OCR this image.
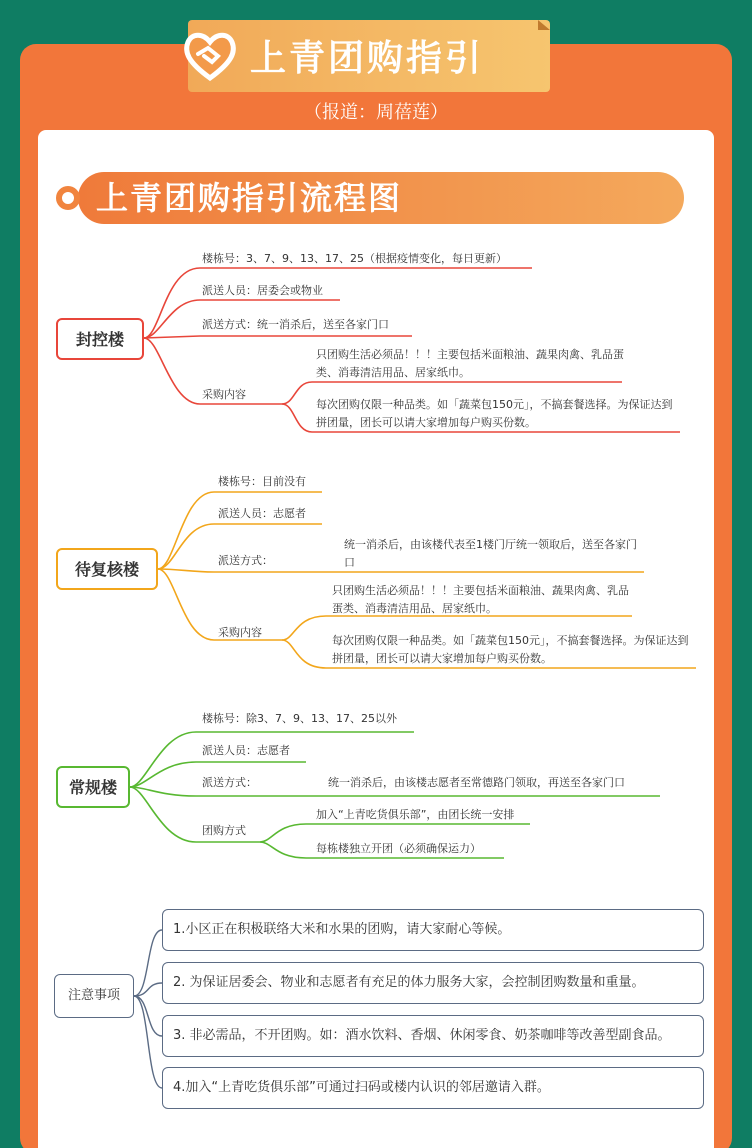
上青团购指引
（报道：周蓓莲）
上青团购指引流程图
封控楼
待复核楼
常规楼
楼栋号：3、7、9、13、17、25（根据疫情变化，每日更新）
派送人员：居委会或物业
派送方式：统一消杀后，送至各家门口
采购内容
只团购生活必须品！！！主要包括米面粮油、蔬果肉禽、乳品蛋类、消毒清洁用品、居家纸巾。
每次团购仅限一种品类。如「蔬菜包150元」，不搞套餐选择。为保证达到拼团量，团长可以请大家增加每户购买份数。
楼栋号：目前没有
派送人员：志愿者
派送方式：
统一消杀后，由该楼代表至1楼门厅统一领取后，送至各家门口
采购内容
只团购生活必须品！！！主要包括米面粮油、蔬果肉禽、乳品蛋类、消毒清洁用品、居家纸巾。
每次团购仅限一种品类。如「蔬菜包150元」，不搞套餐选择。为保证达到拼团量，团长可以请大家增加每户购买份数。
楼栋号：除3、7、9、13、17、25以外
派送人员：志愿者
派送方式：	统一消杀后，由该楼志愿者至常德路门领取，再送至各家门口
团购方式
加入“上青吃货俱乐部”，由团长统一安排
每栋楼独立开团（必须确保运力）
注意事项
1.小区正在积极联络大米和水果的团购，请大家耐心等候。
2. 为保证居委会、物业和志愿者有充足的体力服务大家，会控制团购数量和重量。
3. 非必需品，不开团购。如：酒水饮料、香烟、休闲零食、奶茶咖啡等改善型副食品。
4.加入“上青吃货俱乐部”可通过扫码或楼内认识的邻居邀请入群。
